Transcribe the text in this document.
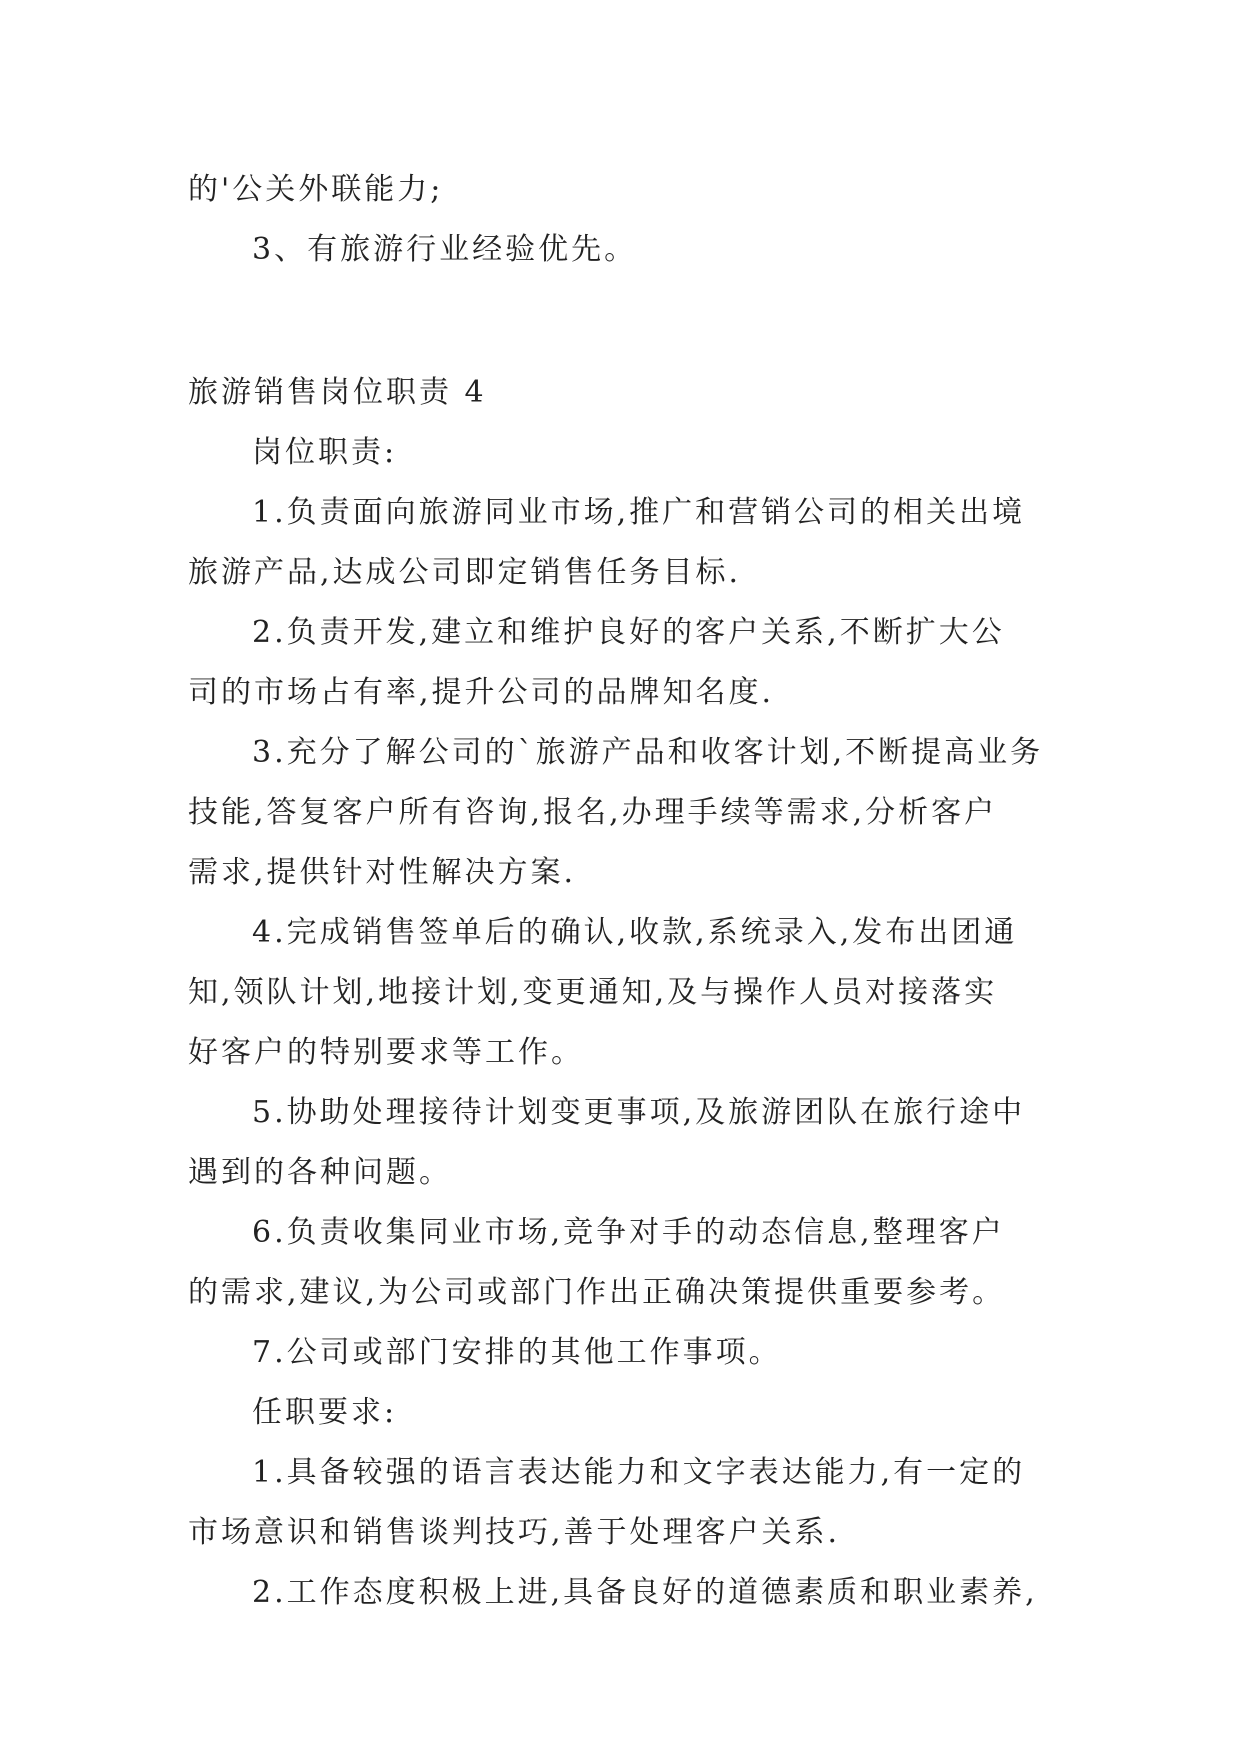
的'公关外联能力;
3、有旅游行业经验优先。
旅游销售岗位职责 4
岗位职责:
1.负责面向旅游同业市场,推广和营销公司的相关出境
旅游产品,达成公司即定销售任务目标.
2.负责开发,建立和维护良好的客户关系,不断扩大公
司的市场占有率,提升公司的品牌知名度.
3.充分了解公司的`旅游产品和收客计划,不断提高业务
技能,答复客户所有咨询,报名,办理手续等需求,分析客户
需求,提供针对性解决方案.
4.完成销售签单后的确认,收款,系统录入,发布出团通
知,领队计划,地接计划,变更通知,及与操作人员对接落实
好客户的特别要求等工作。
5.协助处理接待计划变更事项,及旅游团队在旅行途中
遇到的各种问题。
6.负责收集同业市场,竞争对手的动态信息,整理客户
的需求,建议,为公司或部门作出正确决策提供重要参考。
7.公司或部门安排的其他工作事项。
任职要求:
1.具备较强的语言表达能力和文字表达能力,有一定的
市场意识和销售谈判技巧,善于处理客户关系.
2.工作态度积极上进,具备良好的道德素质和职业素养,
